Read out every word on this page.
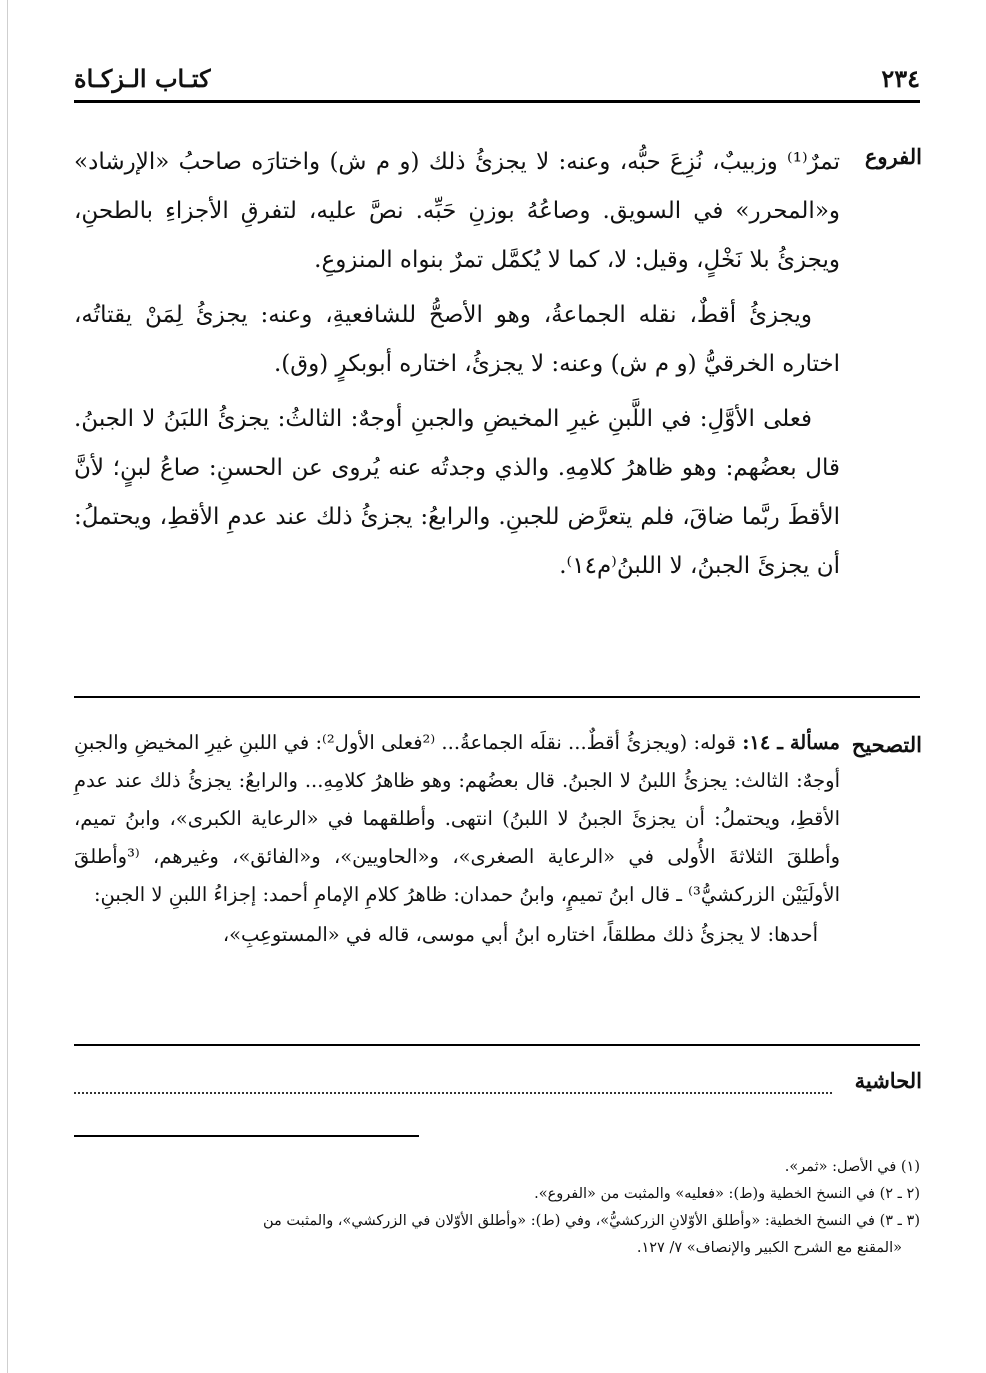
٢٣٤
كتـاب الـزكـاة
الفروع

تمرٌ⁽¹⁾ وزبيبٌ، نُزِعَ حبُّه، وعنه: لا يجزئُ ذلك (و م ش) واختارَه صاحبُ «الإرشاد» و«المحرر» في السويق. وصاعُهُ بوزنِ حَبِّه. نصَّ عليه، لتفرقِ الأجزاءِ بالطحنِ، ويجزئُ بلا نَخْلٍ، وقيل: لا، كما لا يُكمَّل تمرٌ بنواه المنزوعِ.

ويجزئُ أقطٌ، نقله الجماعةُ، وهو الأصحُّ للشافعيةِ، وعنه: يجزئُ لِمَنْ يقتاتُه، اختاره الخرقيُّ (و م ش) وعنه: لا يجزئُ، اختاره أبوبكرٍ (وق).

فعلى الأوَّلِ: في اللَّبنِ غيرِ المخيضِ والجبنِ أوجهٌ: الثالثُ: يجزئُ اللبَنُ لا الجبنُ. قال بعضُهم: وهو ظاهرُ كلامِهِ. والذي وجدتُه عنه يُروى عن الحسنِ: صاعُ لبنٍ؛ لأنَّ الأقطَ ربَّما ضاقَ، فلم يتعرَّض للجبنِ. والرابعُ: يجزئُ ذلك عند عدمِ الأقطِ، ويحتملُ: أن يجزئَ الجبنُ، لا اللبنُ⁽م١٤⁾.

التصحيح

مسألة ـ ١٤: قوله: (ويجزئُ أقطٌ... نقلَه الجماعةُ... ⁽²فعلى الأول²⁾: في اللبنِ غيرِ المخيضِ والجبنِ أوجهٌ: الثالث: يجزئُ اللبنُ لا الجبنُ. قال بعضُهم: وهو ظاهرُ كلامِهِ... والرابعُ: يجزئُ ذلك عند عدمِ الأقطِ، ويحتملُ: أن يجزئَ الجبنُ لا اللبنُ) انتهى. وأطلقهما في «الرعاية الكبرى»، وابنُ تميم، وأطلقَ الثلاثةَ الأُولى في «الرعاية الصغرى»، و«الحاويين»، و«الفائق»، وغيرهم، ⁽³وأطلقَ الأولَيَيْن الزركشيُّ³⁾ ـ قال ابنُ تميمٍ، وابنُ حمدان: ظاهرُ كلامِ الإمامِ أحمد: إجزاءُ اللبنِ لا الجبنِ:

أحدها: لا يجزئُ ذلك مطلقاً، اختاره ابنُ أبي موسى، قاله في «المستوعِبِ»،

الحاشية

(١) في الأصل: «ثمر».

(٢ ـ ٢) في النسخ الخطية و(ط): «فعليه» والمثبت من «الفروع».

(٣ ـ ٣) في النسخ الخطية: «وأطلق الأوّلانِ الزركشيُّ»، وفي (ط): «وأطلق الأوّلان في الزركشي»، والمثبت من

«المقنع مع الشرح الكبير والإنصاف» ٧/ ١٢٧.
